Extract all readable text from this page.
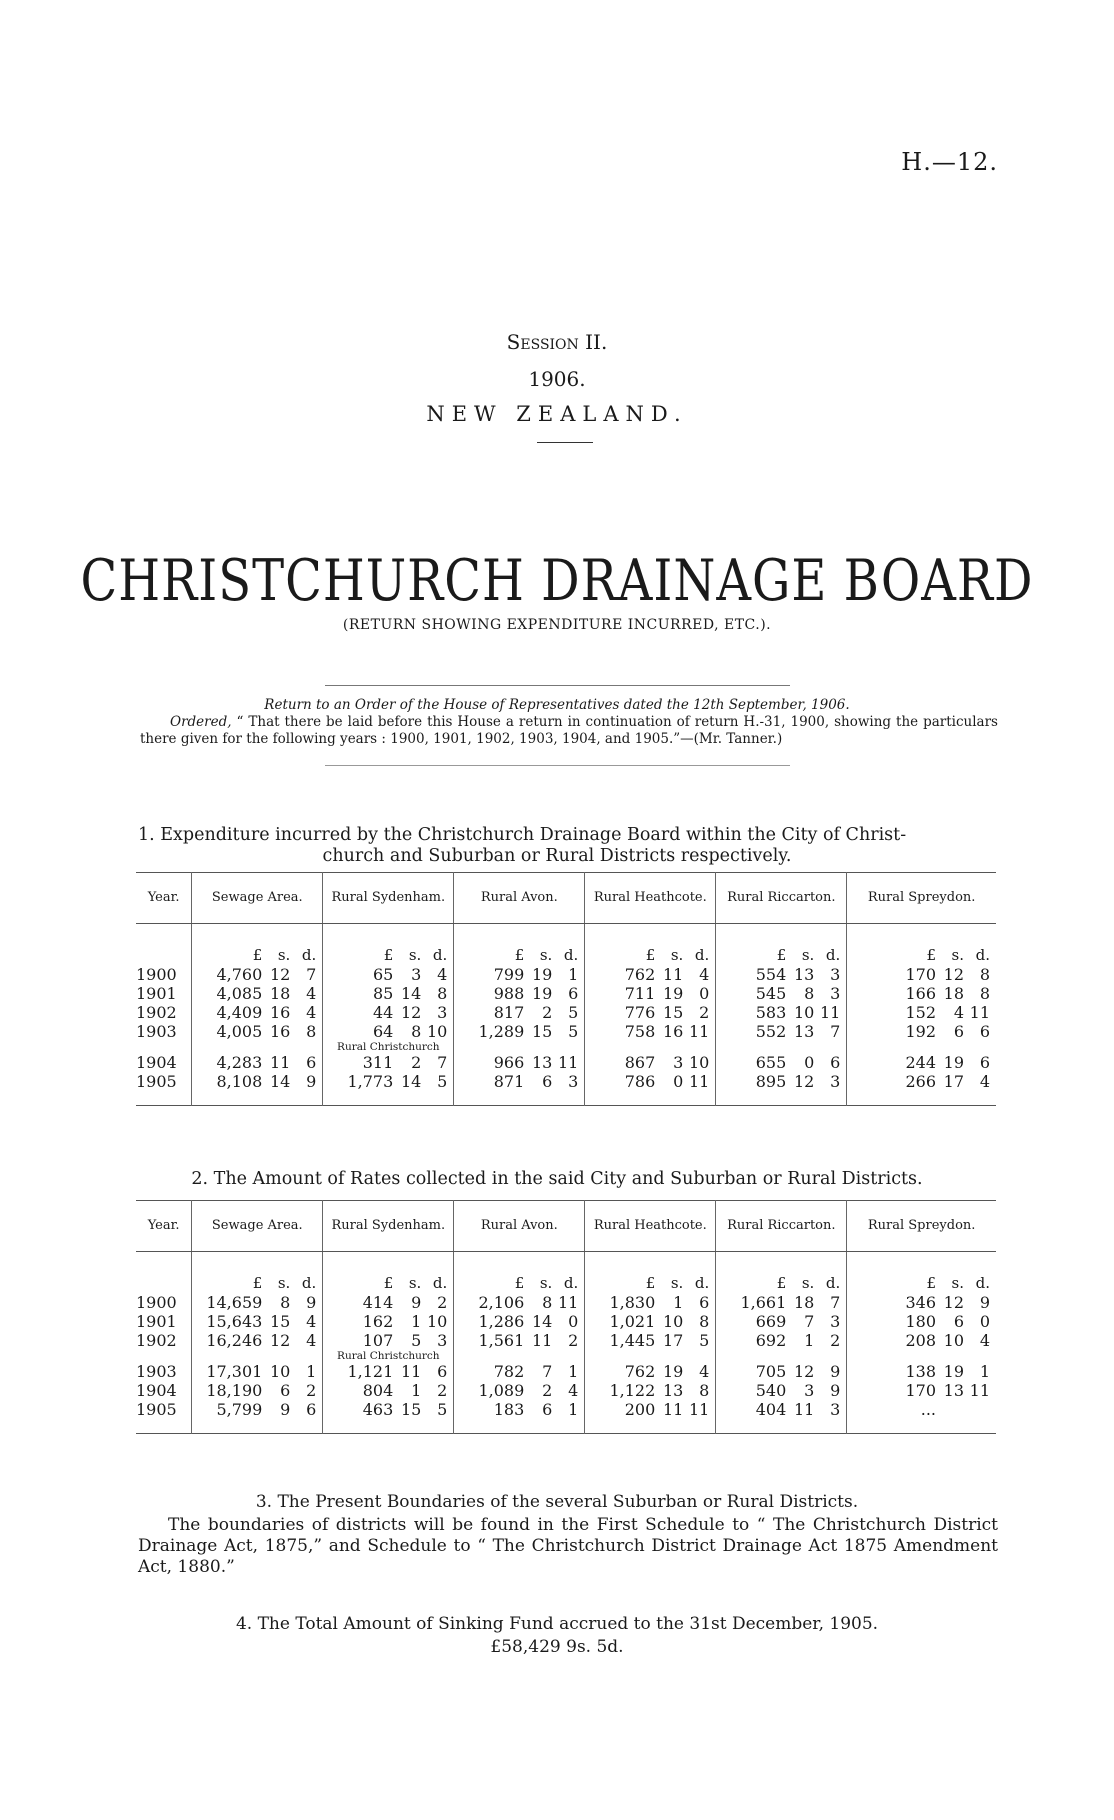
H.—12.
Session II.
1906.
NEW ZEALAND.
CHRISTCHURCH DRAINAGE BOARD
(RETURN SHOWING EXPENDITURE INCURRED, ETC.).
Return to an Order of the House of Representatives dated the 12th September, 1906.
Ordered, “ That there be laid before this House a return in continuation of return H.-31, 1900, showing the particulars there given for the following years : 1900, 1901, 1902, 1903, 1904, and 1905.”—(Mr. Tanner.)
1. Expenditure incurred by the Christchurch Drainage Board within the City of Christ-
church and Suburban or Rural Districts respectively.
Year.	Sewage Area.	Rural Sydenham.	Rural Avon.	Rural Heathcote.	Rural Riccarton.	Rural Spreydon.

	£ s. d.	£ s. d.	£ s. d.	£ s. d.	£ s. d.	£ s. d.

1900	4,760 12 7	65 3 4	799 19 1	762 11 4	554 13 3	170 12 8

1901	4,085 18 4	85 14 8	988 19 6	711 19 0	545 8 3	166 18 8

1902	4,409 16 4	44 12 3	817 2 5	776 15 2	583 10 11	152 4 11

1903	4,005 16 8	64 8 10	1,289 15 5	758 16 11	552 13 7	192 6 6

		Rural Christchurch				

1904	4,283 11 6	311 2 7	966 13 11	867 3 10	655 0 6	244 19 6

1905	8,108 14 9	1,773 14 5	871 6 3	786 0 11	895 12 3	266 17 4

2. The Amount of Rates collected in the said City and Suburban or Rural Districts.
Year.	Sewage Area.	Rural Sydenham.	Rural Avon.	Rural Heathcote.	Rural Riccarton.	Rural Spreydon.

	£ s. d.	£ s. d.	£ s. d.	£ s. d.	£ s. d.	£ s. d.

1900	14,659 8 9	414 9 2	2,106 8 11	1,830 1 6	1,661 18 7	346 12 9

1901	15,643 15 4	162 1 10	1,286 14 0	1,021 10 8	669 7 3	180 6 0

1902	16,246 12 4	107 5 3	1,561 11 2	1,445 17 5	692 1 2	208 10 4

		Rural Christchurch				

1903	17,301 10 1	1,121 11 6	782 7 1	762 19 4	705 12 9	138 19 1

1904	18,190 6 2	804 1 2	1,089 2 4	1,122 13 8	540 3 9	170 13 11

1905	5,799 9 6	463 15 5	183 6 1	200 11 11	404 11 3	...

3. The Present Boundaries of the several Suburban or Rural Districts.
The boundaries of districts will be found in the First Schedule to “ The Christchurch District Drainage Act, 1875,” and Schedule to “ The Christchurch District Drainage Act 1875 Amendment Act, 1880.”
4. The Total Amount of Sinking Fund accrued to the 31st December, 1905.
£58,429 9s. 5d.
